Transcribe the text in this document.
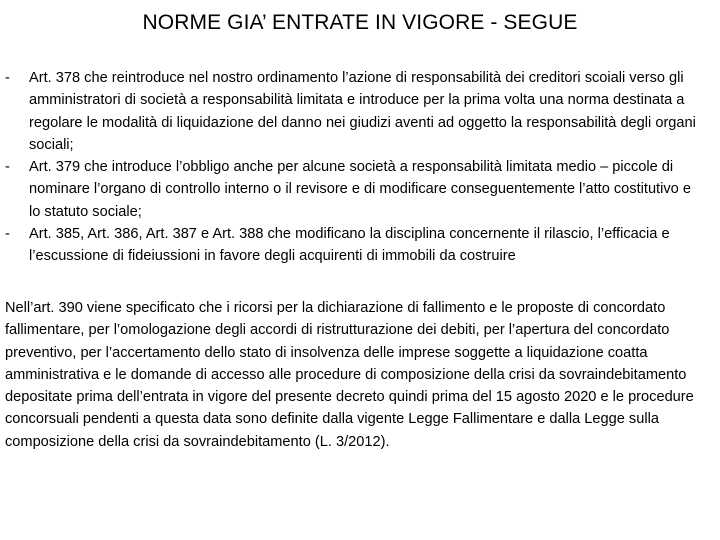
NORME GIA’ ENTRATE IN VIGORE - SEGUE
-	Art. 378 che reintroduce nel nostro ordinamento l’azione di responsabilità dei creditori scoiali verso gli amministratori di società a responsabilità limitata e introduce per la prima volta una norma destinata a regolare le modalità di liquidazione del danno nei giudizi aventi ad oggetto la responsabilità degli organi sociali;
-	Art. 379 che introduce l’obbligo anche per alcune società a responsabilità limitata medio – piccole di nominare l’organo di controllo interno o il revisore e di modificare conseguentemente l’atto costitutivo e lo statuto sociale;
-	Art. 385, Art. 386, Art. 387 e Art. 388 che modificano la disciplina concernente il rilascio, l’efficacia e l’escussione di fideiussioni in favore degli acquirenti di immobili da costruire

Nell’art. 390 viene specificato che i ricorsi per la dichiarazione di fallimento e le proposte di concordato fallimentare, per l’omologazione degli accordi di ristrutturazione dei debiti, per l’apertura del concordato preventivo, per l’accertamento dello stato di insolvenza delle imprese soggette a liquidazione coatta amministrativa e le domande di accesso alle procedure di composizione della crisi da sovraindebitamento depositate prima dell’entrata in vigore del presente decreto quindi prima del 15 agosto 2020 e le procedure concorsuali pendenti a questa data sono definite dalla vigente Legge Fallimentare e dalla Legge sulla composizione della crisi da sovraindebitamento (L. 3/2012).
